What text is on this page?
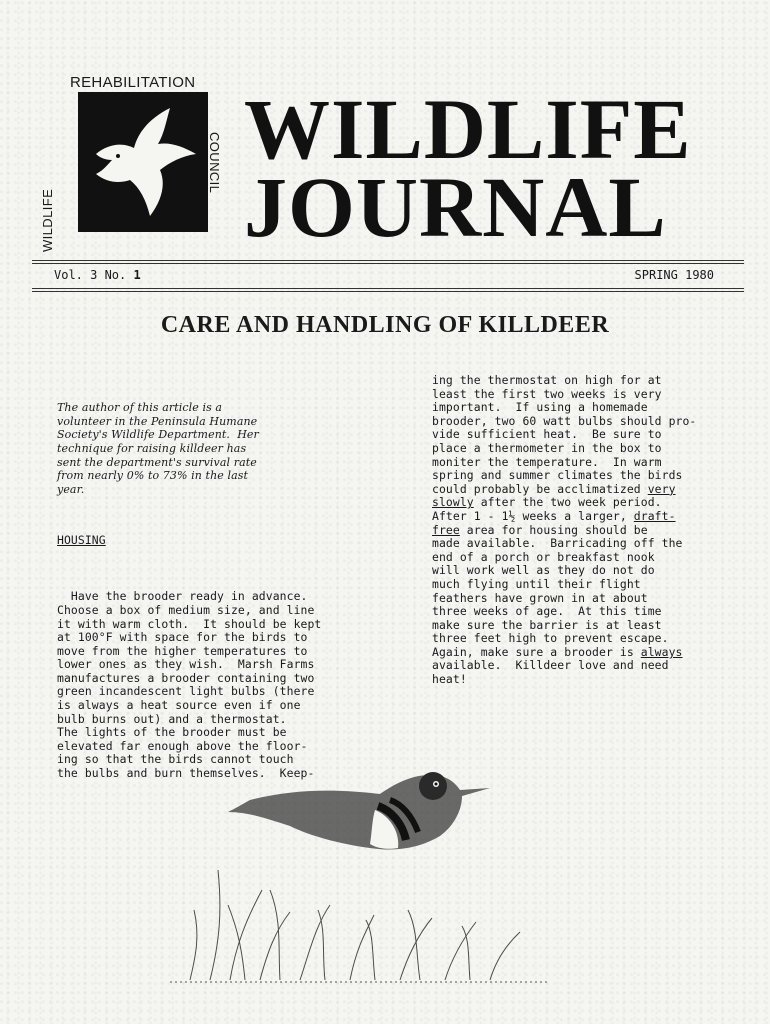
REHABILITATION
WILDLIFE
COUNCIL WILDLIFE
JOURNAL
Vol. 3 No. 1	SPRING 1980
CARE AND HANDLING OF KILLDEER

The author of this article is a
volunteer in the Peninsula Humane
Society's Wildlife Department.  Her
technique for raising killdeer has
sent the department's survival rate
from nearly 0% to 73% in the last
year.

HOUSING

Have the brooder ready in advance.
Choose a box of medium size, and line
it with warm cloth.  It should be kept
at 100°F with space for the birds to
move from the higher temperatures to
lower ones as they wish.  Marsh Farms
manufactures a brooder containing two
green incandescent light bulbs (there
is always a heat source even if one
bulb burns out) and a thermostat.
The lights of the brooder must be
elevated far enough above the floor-
ing so that the birds cannot touch
the bulbs and burn themselves.  Keep-

ing the thermostat on high for at
least the first two weeks is very
important.  If using a homemade
brooder, two 60 watt bulbs should pro-
vide sufficient heat.  Be sure to
place a thermometer in the box to
moniter the temperature.  In warm
spring and summer climates the birds
could probably be acclimatized very
slowly after the two week period.
After 1 - 1½ weeks a larger, draft-
free area for housing should be
made available.  Barricading off the
end of a porch or breakfast nook
will work well as they do not do
much flying until their flight
feathers have grown in at about
three weeks of age.  At this time
make sure the barrier is at least
three feet high to prevent escape.
Again, make sure a brooder is always
available.  Killdeer love and need
heat!
